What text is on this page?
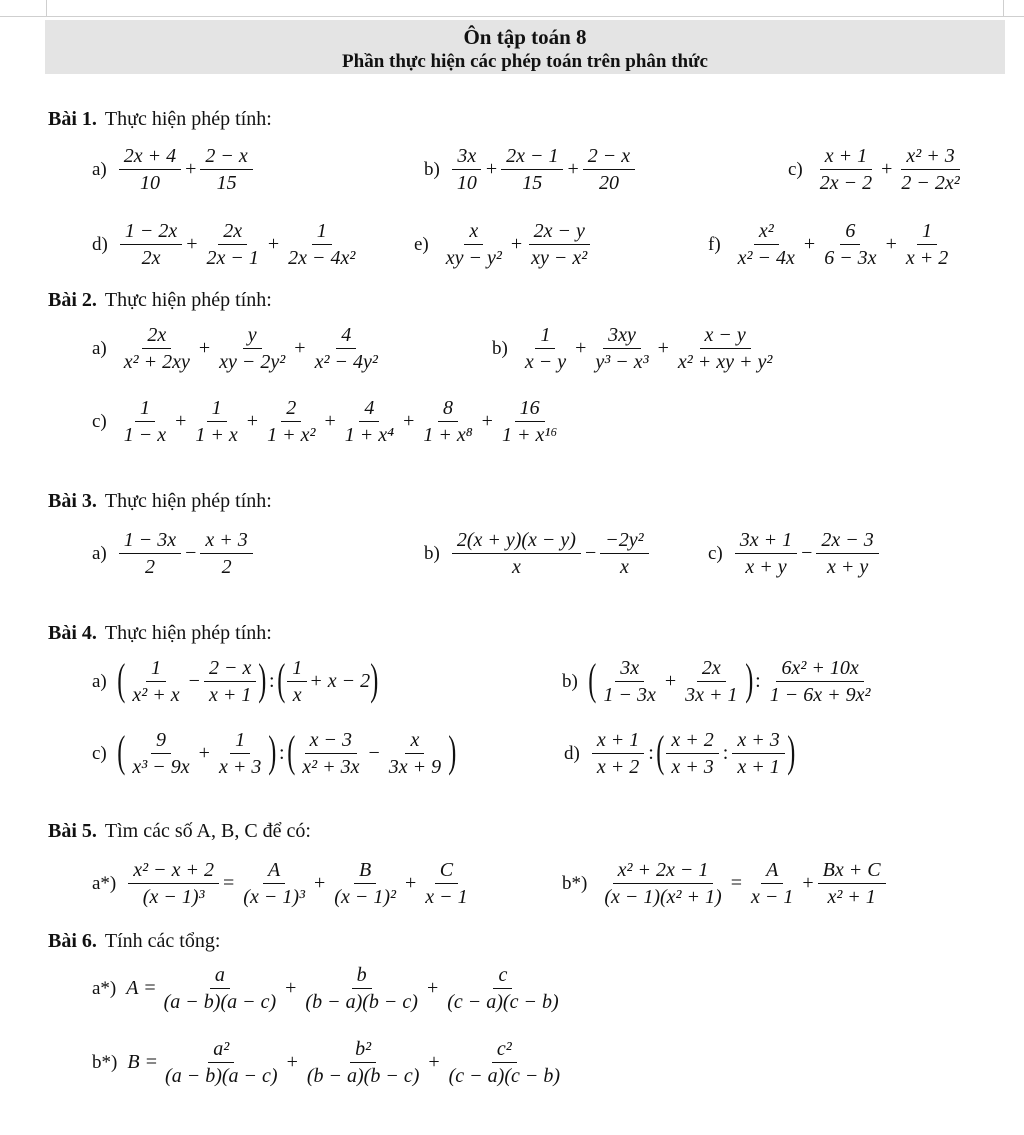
Ôn tập toán 8
Phần thực hiện các phép toán trên phân thức
Bài 1. Thực hiện phép tính:
$a) \frac{2x + 4}{10} + \frac{2 - x}{15}$	$b) \frac{3x}{10} + \frac{2x - 1}{15} + \frac{2 - x}{20}$	$c) \frac{x + 1}{2x - 2} + \frac{\text{x² + 3}}{\text{2 − 2x²}}$
$d) \frac{1 - 2x}{2x} + \frac{2x}{2x - 1} + \frac{1}{\text{2x − 4x²}}$	$e) \frac{x}{\text{xy − y²}} + \frac{2x - y}{\text{xy − x²}}$	$f) \frac{\text{x²}}{\text{x² − 4x}} + \frac{6}{6 - 3x} + \frac{1}{x + 2}$
Bài 2. Thực hiện phép tính:
$a) \frac{2x}{\text{x² + 2xy}} + \frac{y}{\text{xy − 2y²}} + \frac{4}{\text{x² − 4y²}}$	$b) \frac{1}{x - y} + \frac{3xy}{\text{y³ − x³}} + \frac{x - y}{\text{x² + xy + y²}}$
$c) \frac{1}{1 - x} + \frac{1}{1 + x} + \frac{2}{\text{1 + x²}} + \frac{4}{\text{1 + x⁴}} + \frac{8}{\text{1 + x⁸}} + \frac{16}{\text{1 + x¹⁶}}$
Bài 3. Thực hiện phép tính:
$a) \frac{1 - 3x}{2} - \frac{x + 3}{2}$	$b) \frac{2(x + y)(x - y)}{x} - \frac{\text{−2y²}}{x}$	$c) \frac{3x + 1}{x + y} - \frac{2x - 3}{x + y}$
Bài 4. Thực hiện phép tính:
a) ( $\frac{1}{\text{x² + x}} - \frac{2 - x}{x + 1}$ ) : ( $\frac{1}{x} + x - 2$ )	b) ( $\frac{3x}{1 - 3x} + \frac{2x}{3x + 1}$ ) : $\frac{\text{6x² + 10x}}{\text{1 − 6x + 9x²}}$
c) ( $\frac{9}{\text{x³ − 9x}} + \frac{1}{x + 3}$ ) : ( $\frac{x - 3}{\text{x² + 3x}} - \frac{x}{3x + 9}$ )	$d) \frac{x + 1}{x + 2}$ : ( $\frac{x + 2}{x + 3}$ : $\frac{x + 3}{x + 1}$ )
Bài 5. Tìm các số A, B, C để có:
$a*) \frac{\text{x² − x + 2}}{\text{(x − 1)³}} = \frac{A}{\text{(x − 1)³}} + \frac{B}{\text{(x − 1)²}} + \frac{C}{x - 1}$	$b*) \frac{\text{x² + 2x − 1}}{\text{(x − 1)(x² + 1)}} = \frac{A}{x - 1} + \frac{Bx + C}{\text{x² + 1}}$
Bài 6. Tính các tổng:
a*) $A = \frac{a}{(a - b)(a - c)} + \frac{b}{(b - a)(b - c)} + \frac{c}{(c - a)(c - b)}$
b*) $B = \frac{\text{a²}}{(a - b)(a - c)} + \frac{\text{b²}}{(b - a)(b - c)} + \frac{\text{c²}}{(c - a)(c - b)}$
